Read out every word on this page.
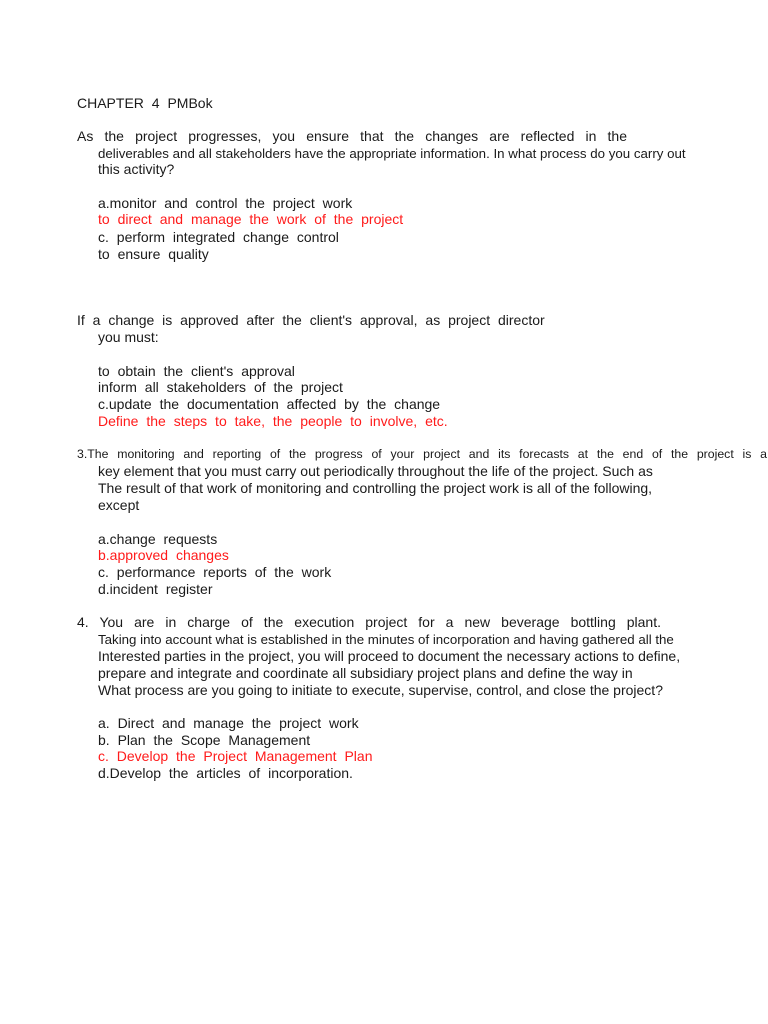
CHAPTER 4 PMBok
As the project progresses, you ensure that the changes are reflected in the
deliverables and all stakeholders have the appropriate information. In what process do you carry out
this activity?
a.monitor and control the project work
to direct and manage the work of the project
c. perform integrated change control
to ensure quality
If a change is approved after the client's approval, as project director
you must:
to obtain the client's approval
inform all stakeholders of the project
c.update the documentation affected by the change
Define the steps to take, the people to involve, etc.
3.The monitoring and reporting of the progress of your project and its forecasts at the end of the project is a
key element that you must carry out periodically throughout the life of the project. Such as
The result of that work of monitoring and controlling the project work is all of the following,
except
a.change requests
b.approved changes
c. performance reports of the work
d.incident register
4. You are in charge of the execution project for a new beverage bottling plant.
Taking into account what is established in the minutes of incorporation and having gathered all the
Interested parties in the project, you will proceed to document the necessary actions to define,
prepare and integrate and coordinate all subsidiary project plans and define the way in
What process are you going to initiate to execute, supervise, control, and close the project?
a. Direct and manage the project work
b. Plan the Scope Management
c. Develop the Project Management Plan
d.Develop the articles of incorporation.
